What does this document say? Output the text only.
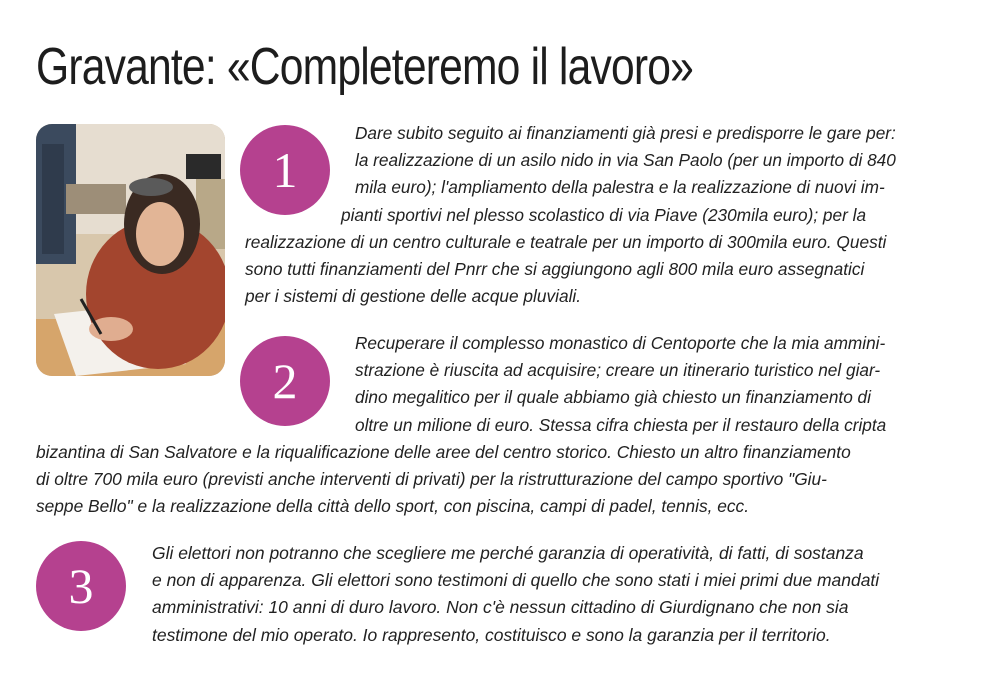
Gravante: «Completeremo il lavoro»
1
2
3
Dare subito seguito ai finanziamenti già presi e predisporre le gare per:
la realizzazione di un asilo nido in via San Paolo (per un importo di 840
mila euro); l'ampliamento della palestra e la realizzazione di nuovi im-
pianti sportivi nel plesso scolastico di via Piave (230mila euro); per la
realizzazione di un centro culturale e teatrale per un importo di 300mila euro. Questi
sono tutti finanziamenti del Pnrr che si aggiungono agli 800 mila euro assegnatici
per i sistemi di gestione delle acque pluviali.
Recuperare il complesso monastico di Centoporte che la mia ammini-
strazione è riuscita ad acquisire; creare un itinerario turistico nel giar-
dino megalitico per il quale abbiamo già chiesto un finanziamento di
oltre un milione di euro. Stessa cifra chiesta per il restauro della cripta
bizantina di San Salvatore e la riqualificazione delle aree del centro storico. Chiesto un altro finanziamento
di oltre 700 mila euro (previsti anche interventi di privati) per la ristrutturazione del campo sportivo "Giu-
seppe Bello" e la realizzazione della città dello sport, con piscina, campi di padel, tennis, ecc.
Gli elettori non potranno che scegliere me perché garanzia di operatività, di fatti, di sostanza
e non di apparenza. Gli elettori sono testimoni di quello che sono stati i miei primi due mandati
amministrativi: 10 anni di duro lavoro. Non c'è nessun cittadino di Giurdignano che non sia
testimone del mio operato. Io rappresento, costituisco e sono la garanzia per il territorio.
